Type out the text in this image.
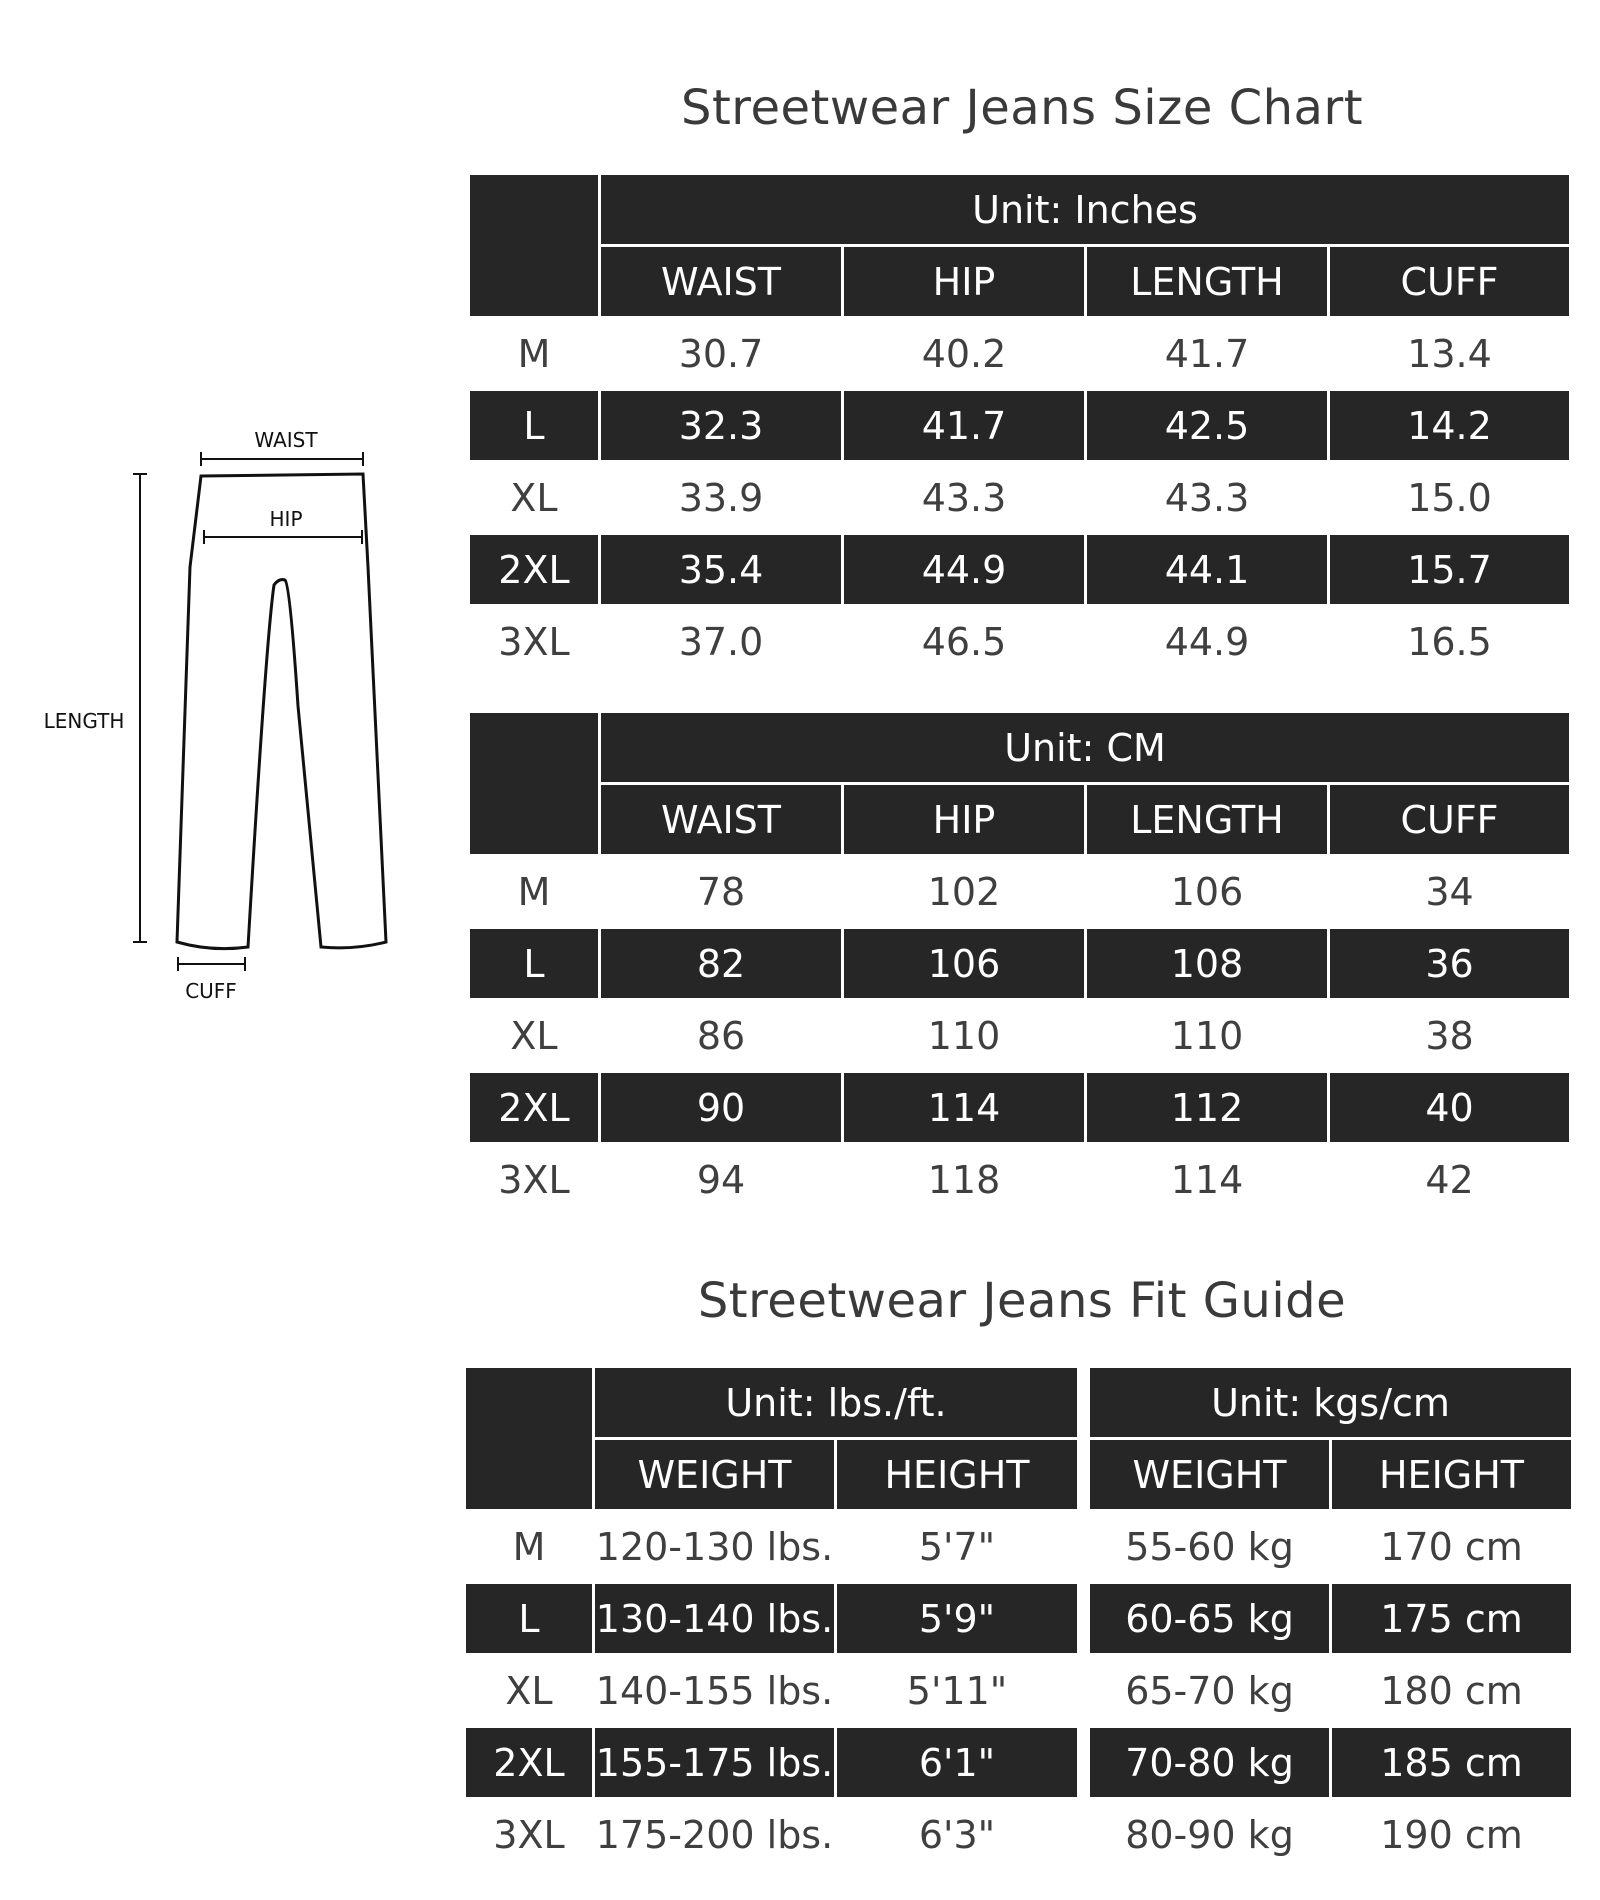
WAIST
HIP
LENGTH
CUFF
Streetwear Jeans Size Chart
Streetwear Jeans Fit Guide
Unit: Inches
WAIST	HIP	LENGTH	CUFF
M	30.7	40.2	41.7	13.4
L	32.3	41.7	42.5	14.2
XL	33.9	43.3	43.3	15.0
2XL	35.4	44.9	44.1	15.7
3XL	37.0	46.5	44.9	16.5
Unit: CM
WAIST	HIP	LENGTH	CUFF
M	78	102	106	34
L	82	106	108	36
XL	86	110	110	38
2XL	90	114	112	40
3XL	94	118	114	42
Unit: lbs./ft.	Unit: kgs/cm
WEIGHT	HEIGHT	WEIGHT	HEIGHT
M	120-130 lbs.	5'7"	55-60 kg	170 cm
L	130-140 lbs.	5'9"	60-65 kg	175 cm
XL	140-155 lbs.	5'11"	65-70 kg	180 cm
2XL 155-175 lbs.	6'1"	70-80 kg	185 cm
3XL 175-200 lbs.	6'3"	80-90 kg	190 cm
